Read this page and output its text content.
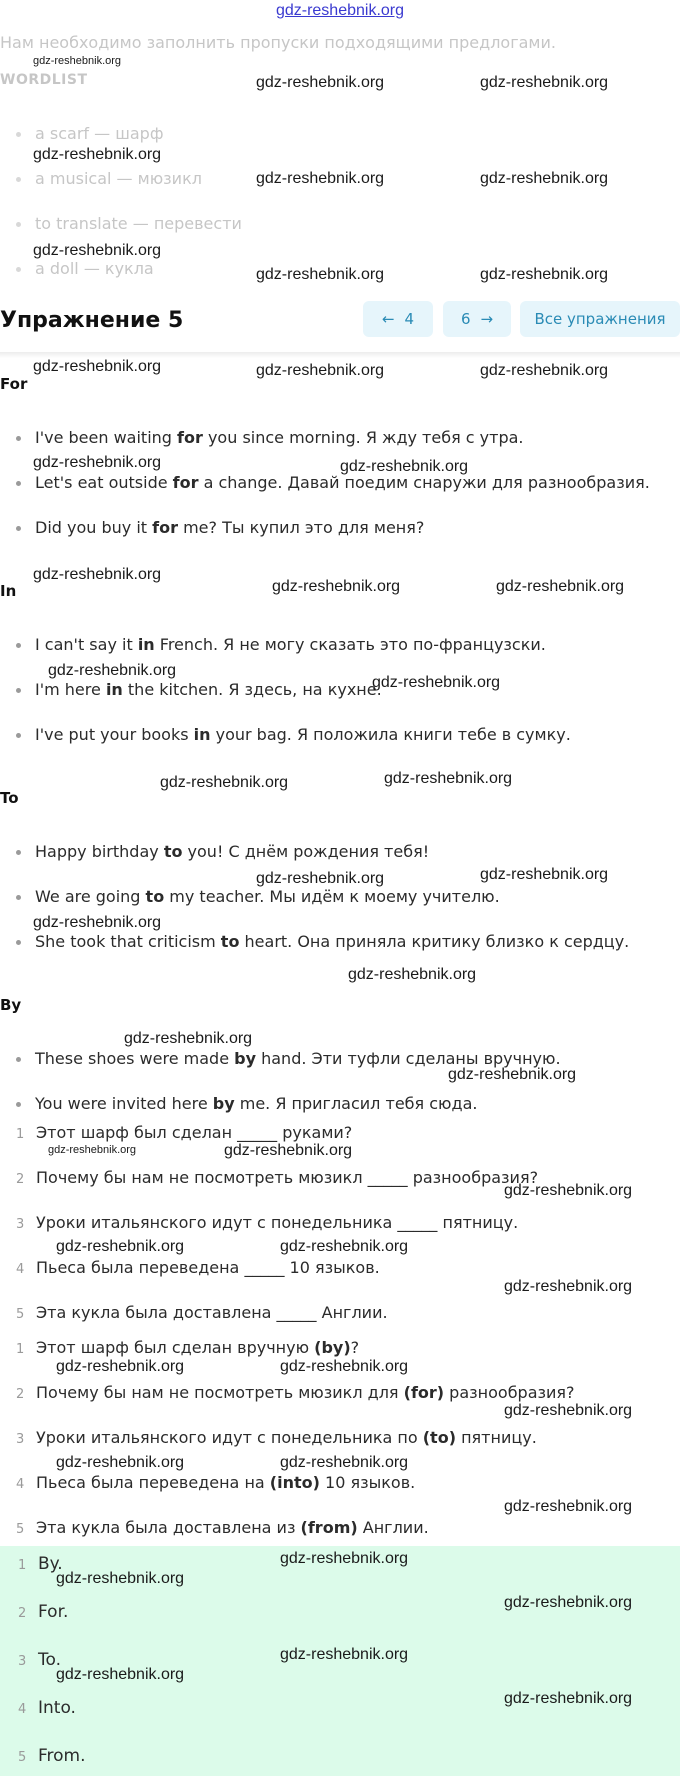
gdz-reshebnik.org
Нам необходимо заполнить пропуски подходящими предлогами.
WORDLIST
a scarf — шарф
a musical — мюзикл
to translate — перевести
a doll — кукла
Упражнение 5	← 4	6 →	Все упражнения
For
I've been waiting for you since morning. Я жду тебя с утра.
Let's eat outside for a change. Давай поедим снаружи для разнообразия.
Did you buy it for me? Ты купил это для меня?
In
I can't say it in French. Я не могу сказать это по-французски.
I'm here in the kitchen. Я здесь, на кухне.
I've put your books in your bag. Я положила книги тебе в сумку.
To
Happy birthday to you! С днём рождения тебя!
We are going to my teacher. Мы идём к моему учителю.
She took that criticism to heart. Она приняла критику близко к сердцу.
By
These shoes were made by hand. Эти туфли сделаны вручную.
You were invited here by me. Я пригласил тебя сюда.
1 Этот шарф был сделан _____ руками?
2 Почему бы нам не посмотреть мюзикл _____ разнообразия?
3 Уроки итальянского идут с понедельника _____ пятницу.
4 Пьеса была переведена _____ 10 языков.
5 Эта кукла была доставлена _____ Англии.
1 Этот шарф был сделан вручную (by)?
2 Почему бы нам не посмотреть мюзикл для (for) разнообразия?
3 Уроки итальянского идут с понедельника по (to) пятницу.
4 Пьеса была переведена на (into) 10 языков.
5 Эта кукла была доставлена из (from) Англии.
1 By.
2 For.
3 To.
4 Into.
5 From.
gdz-reshebnik.org
gdz-reshebnik.org	gdz-reshebnik.org
gdz-reshebnik.org
gdz-reshebnik.org	gdz-reshebnik.org
gdz-reshebnik.org
gdz-reshebnik.org	gdz-reshebnik.org
gdz-reshebnik.org	gdz-reshebnik.org	gdz-reshebnik.org
gdz-reshebnik.org	gdz-reshebnik.org
gdz-reshebnik.org
gdz-reshebnik.org	gdz-reshebnik.org
gdz-reshebnik.org
gdz-reshebnik.org
gdz-reshebnik.org	gdz-reshebnik.org
gdz-reshebnik.org	gdz-reshebnik.org
gdz-reshebnik.org
gdz-reshebnik.org
gdz-reshebnik.org
gdz-reshebnik.org
gdz-reshebnik.org	gdz-reshebnik.org
gdz-reshebnik.org
gdz-reshebnik.org	gdz-reshebnik.org
gdz-reshebnik.org
gdz-reshebnik.org	gdz-reshebnik.org
gdz-reshebnik.org
gdz-reshebnik.org	gdz-reshebnik.org
gdz-reshebnik.org
gdz-reshebnik.org
gdz-reshebnik.org
gdz-reshebnik.org
gdz-reshebnik.org
gdz-reshebnik.org
gdz-reshebnik.org
